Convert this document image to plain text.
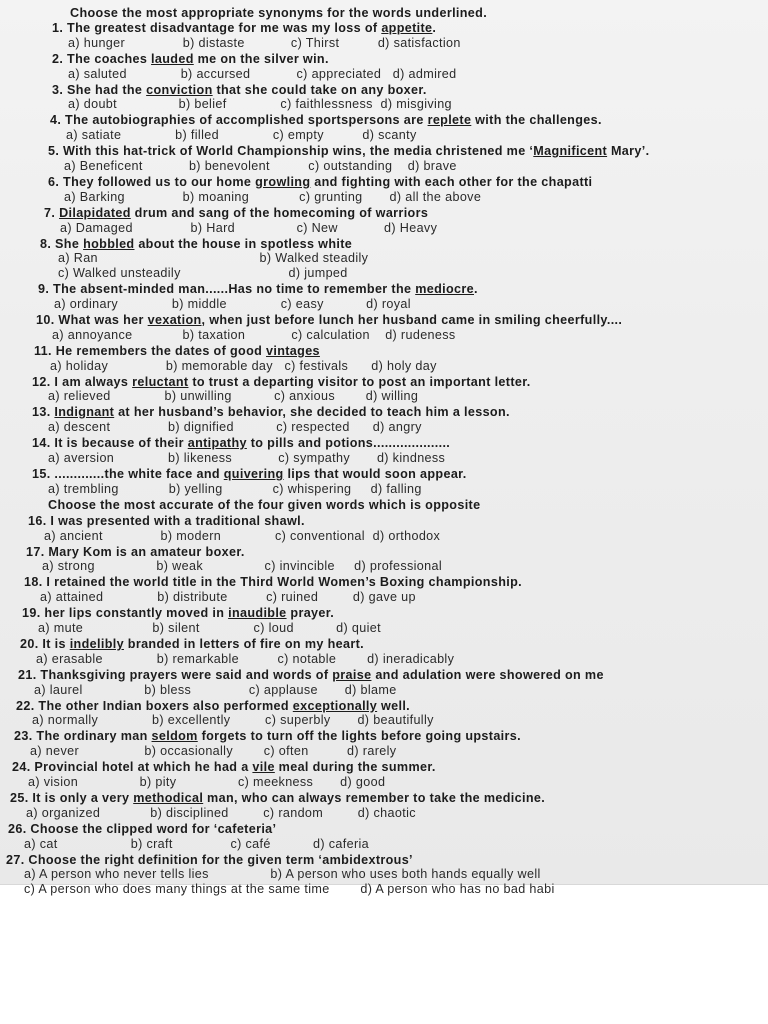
Choose the most appropriate synonyms for the words underlined.
1. The greatest disadvantage for me was my loss of appetite.
a) hunger               b) distaste            c) Thirst          d) satisfaction
2. The coaches lauded me on the silver win.
a) saluted              b) accursed            c) appreciated   d) admired
3. She had the conviction that she could take on any boxer.
a) doubt                b) belief              c) faithlessness  d) misgiving
4. The autobiographies of accomplished sportspersons are replete with the challenges.
a) satiate              b) filled              c) empty          d) scanty
5. With this hat-trick of World Championship wins, the media christened me ‘Magnificent Mary’.
a) Beneficent            b) benevolent          c) outstanding    d) brave
6. They followed us to our home growling and fighting with each other for the chapatti
a) Barking               b) moaning             c) grunting       d) all the above
7. Dilapidated drum and sang of the homecoming of warriors
a) Damaged               b) Hard                c) New            d) Heavy
8. She hobbled about the house in spotless white
a) Ran                                          b) Walked steadily
c) Walked unsteadily                            d) jumped
9. The absent-minded man......Has no time to remember the mediocre.
a) ordinary              b) middle              c) easy           d) royal
10. What was her vexation, when just before lunch her husband came in smiling cheerfully....
a) annoyance             b) taxation            c) calculation    d) rudeness
11. He remembers the dates of good vintages
a) holiday               b) memorable day   c) festivals      d) holy day
12. I am always reluctant to trust a departing visitor to post an important letter.
a) relieved              b) unwilling           c) anxious        d) willing
13. Indignant at her husband’s behavior, she decided to teach him a lesson.
a) descent               b) dignified           c) respected      d) angry
14. It is because of their antipathy to pills and potions....................
a) aversion              b) likeness            c) sympathy       d) kindness
15. .............the white face and quivering lips that would soon appear.
a) trembling             b) yelling             c) whispering     d) falling
Choose the most accurate of the four given words which is opposite
16. I was presented with a traditional shawl.
a) ancient               b) modern              c) conventional  d) orthodox
17. Mary Kom is an amateur boxer.
a) strong                b) weak                c) invincible     d) professional
18. I retained the world title in the Third World Women’s Boxing championship.
a) attained              b) distribute          c) ruined         d) gave up
19. her lips constantly moved in inaudible prayer.
a) mute                  b) silent              c) loud           d) quiet
20. It is indelibly branded in letters of fire on my heart.
a) erasable              b) remarkable          c) notable        d) ineradicably
21. Thanksgiving prayers were said and words of praise and adulation were showered on me
a) laurel                b) bless               c) applause       d) blame
22. The other Indian boxers also performed exceptionally well.
a) normally              b) excellently         c) superbly       d) beautifully
23. The ordinary man seldom forgets to turn off the lights before going upstairs.
a) never                 b) occasionally        c) often          d) rarely
24. Provincial hotel at which he had a vile meal during the summer.
a) vision                b) pity                c) meekness       d) good
25. It is only a very methodical man, who can always remember to take the medicine.
a) organized             b) disciplined         c) random         d) chaotic
26. Choose the clipped word for ‘cafeteria’
a) cat                   b) craft               c) café           d) caferia
27. Choose the right definition for the given term ‘ambidextrous’
a) A person who never tells lies                b) A person who uses both hands equally well
c) A person who does many things at the same time        d) A person who has no bad habi
